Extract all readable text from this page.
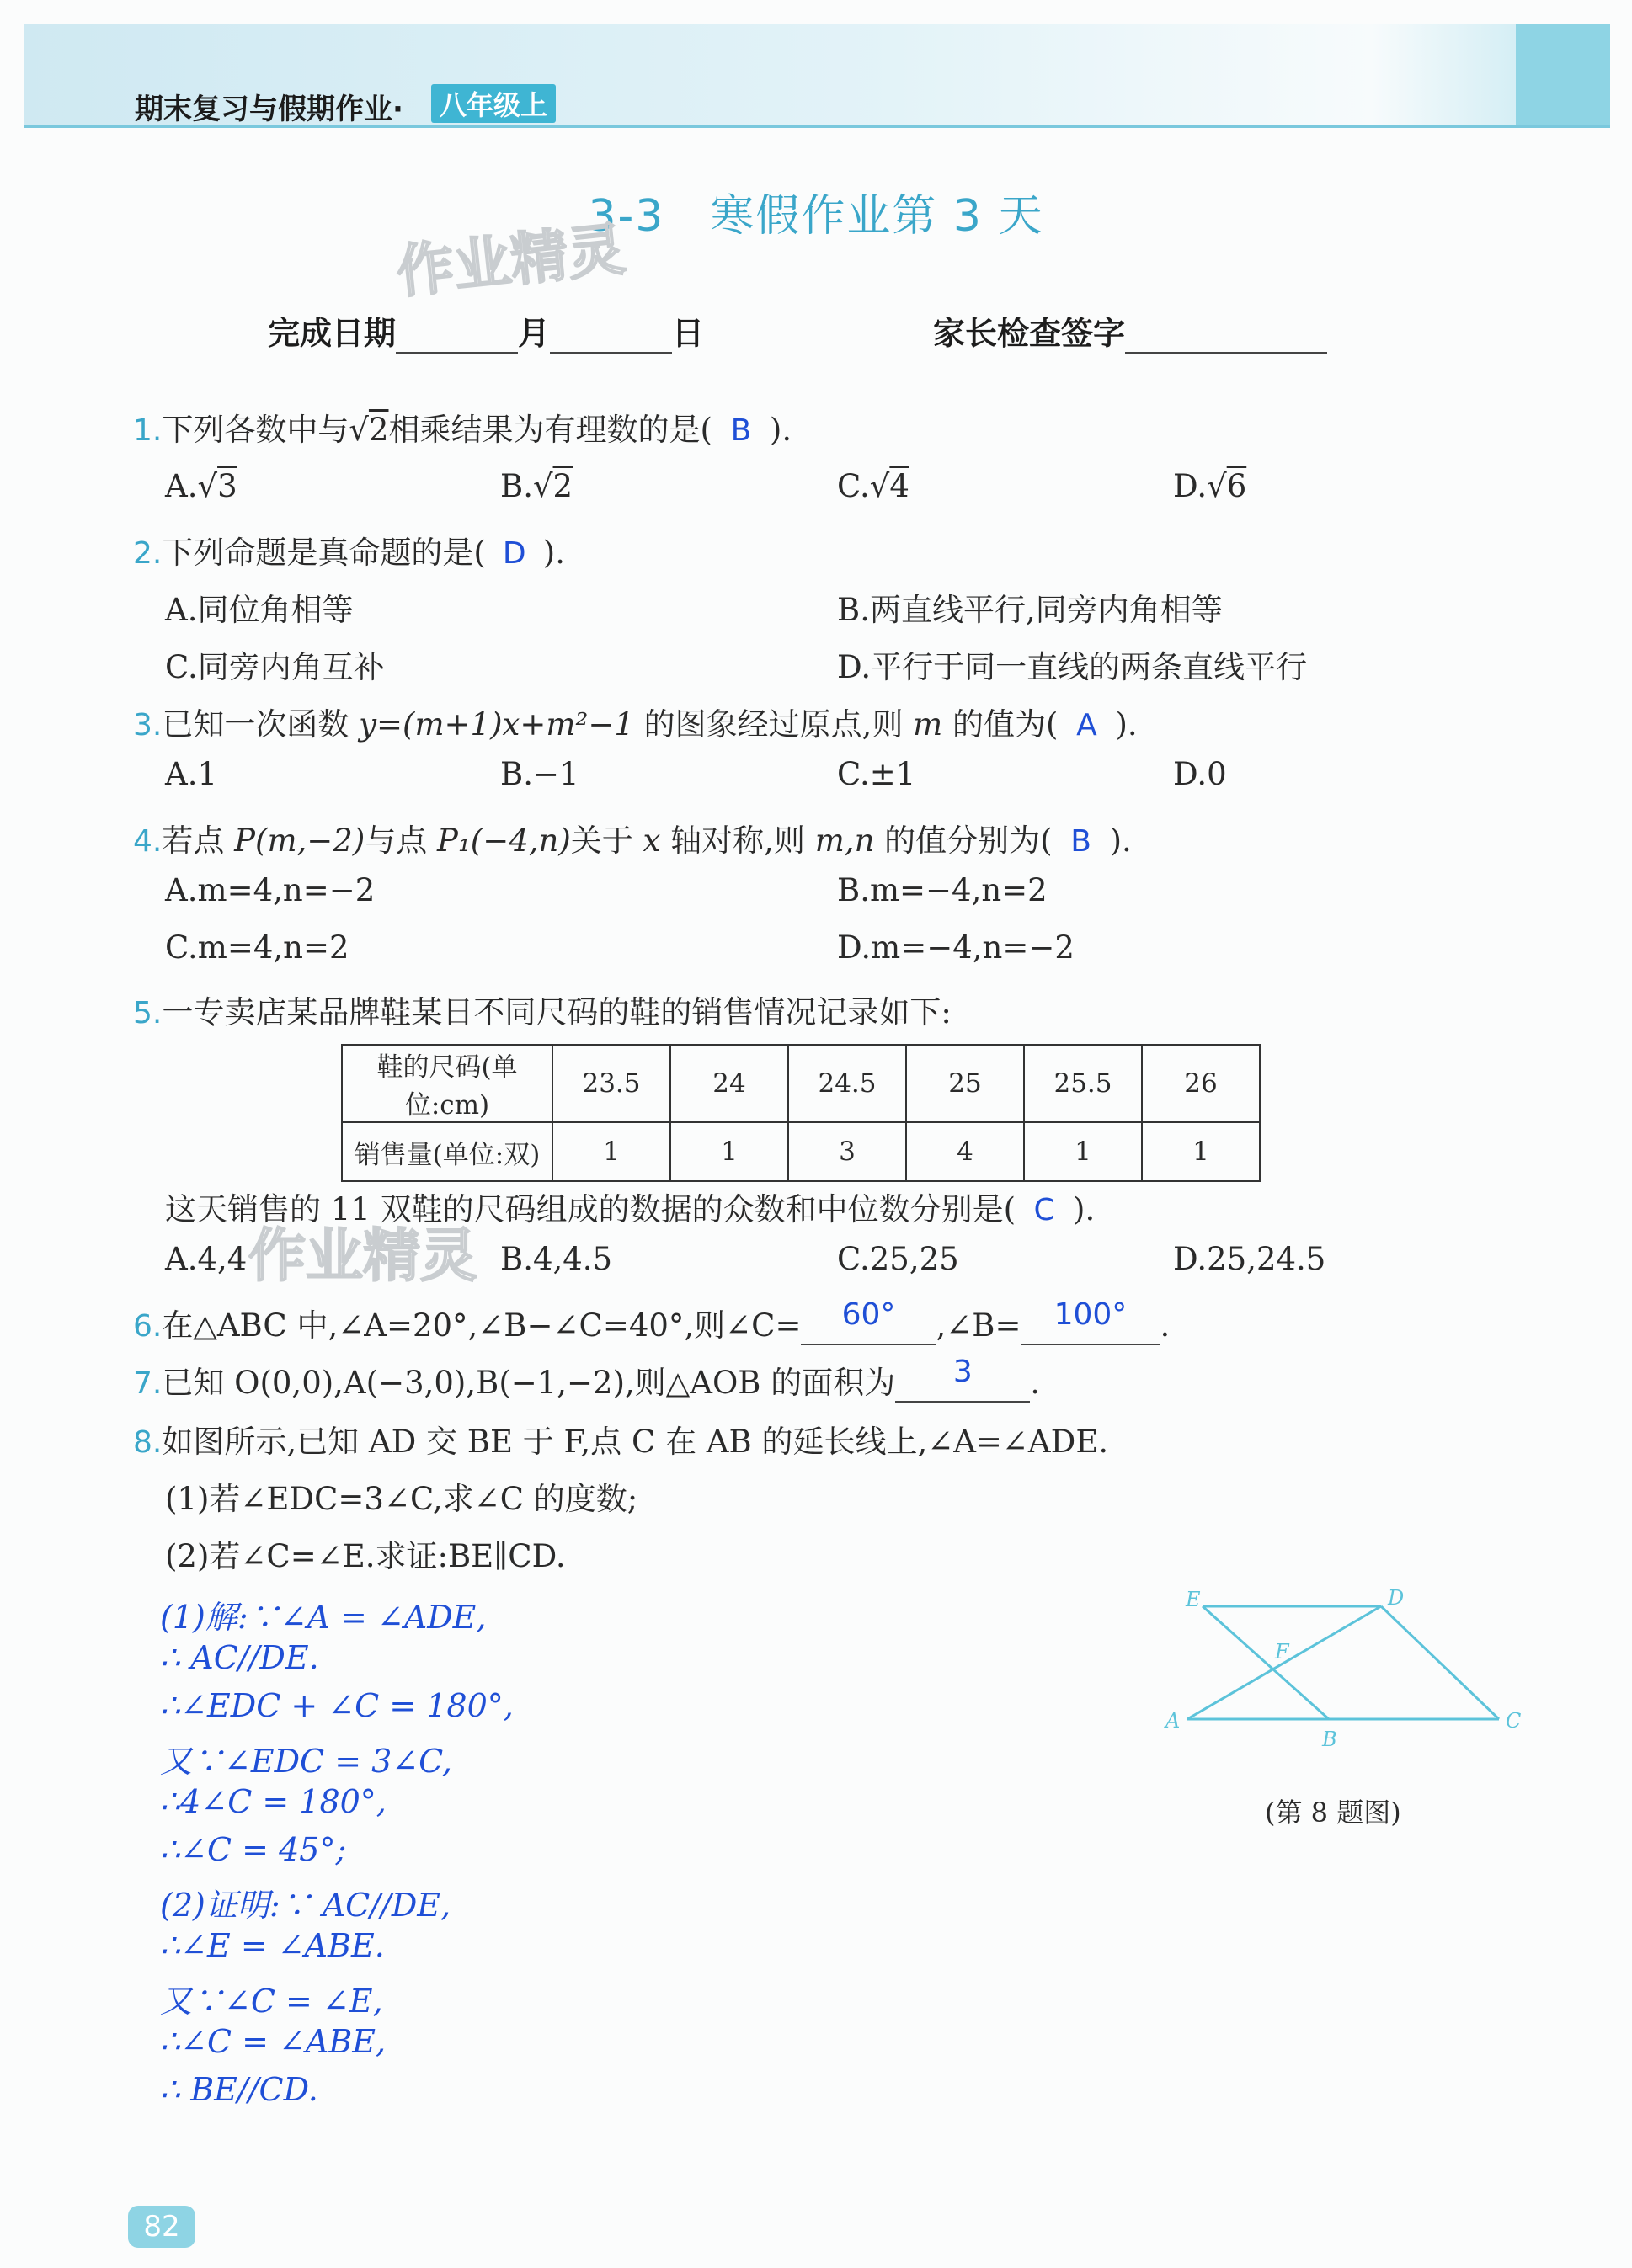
期末复习与假期作业·	八年级上
3-3　寒假作业第 3 天
作业精灵
完成日期	月	日	家长检查签字
1.下列各数中与√2相乘结果为有理数的是( B ).
A.√3	B.√2	C.√4	D.√6
2.下列命题是真命题的是( D ).
A.同位角相等	B.两直线平行,同旁内角相等
C.同旁内角互补	D.平行于同一直线的两条直线平行
3.已知一次函数 y=(m+1)x+m²−1 的图象经过原点,则 m 的值为( A ).
A.1	B.−1	C.±1	D.0
4.若点 P(m,−2)与点 P₁(−4,n)关于 x 轴对称,则 m,n 的值分别为( B ).
A.m=4,n=−2	B.m=−4,n=2
C.m=4,n=2	D.m=−4,n=−2
5.一专卖店某品牌鞋某日不同尺码的鞋的销售情况记录如下:
鞋的尺码(单位:cm)	23.5	24	24.5	25	25.5	26
销售量(单位:双)	1	1	3	4	1	1
这天销售的 11 双鞋的尺码组成的数据的众数和中位数分别是( C ).
作业精灵
A.4,4	B.4,4.5	C.25,25	D.25,24.5
6.在△ABC 中,∠A=20°,∠B−∠C=40°,则∠C= 60° ,∠B= 100° .
7.已知 O(0,0),A(−3,0),B(−1,−2),则△AOB 的面积为 3 .
8.如图所示,已知 AD 交 BE 于 F,点 C 在 AB 的延长线上,∠A=∠ADE.
(1)若∠EDC=3∠C,求∠C 的度数;
(2)若∠C=∠E.求证:BE∥CD.
(1)解:∵∠A = ∠ADE,
∴ AC//DE.
∴∠EDC + ∠C = 180°,
又∵∠EDC = 3∠C,
∴4∠C = 180°,
∴∠C = 45°;
(2)证明:∵ AC//DE,
∴∠E = ∠ABE.
又∵∠C = ∠E,
∴∠C = ∠ABE,
∴ BE//CD.
E	D
F
A
B
C
(第 8 题图)
82
